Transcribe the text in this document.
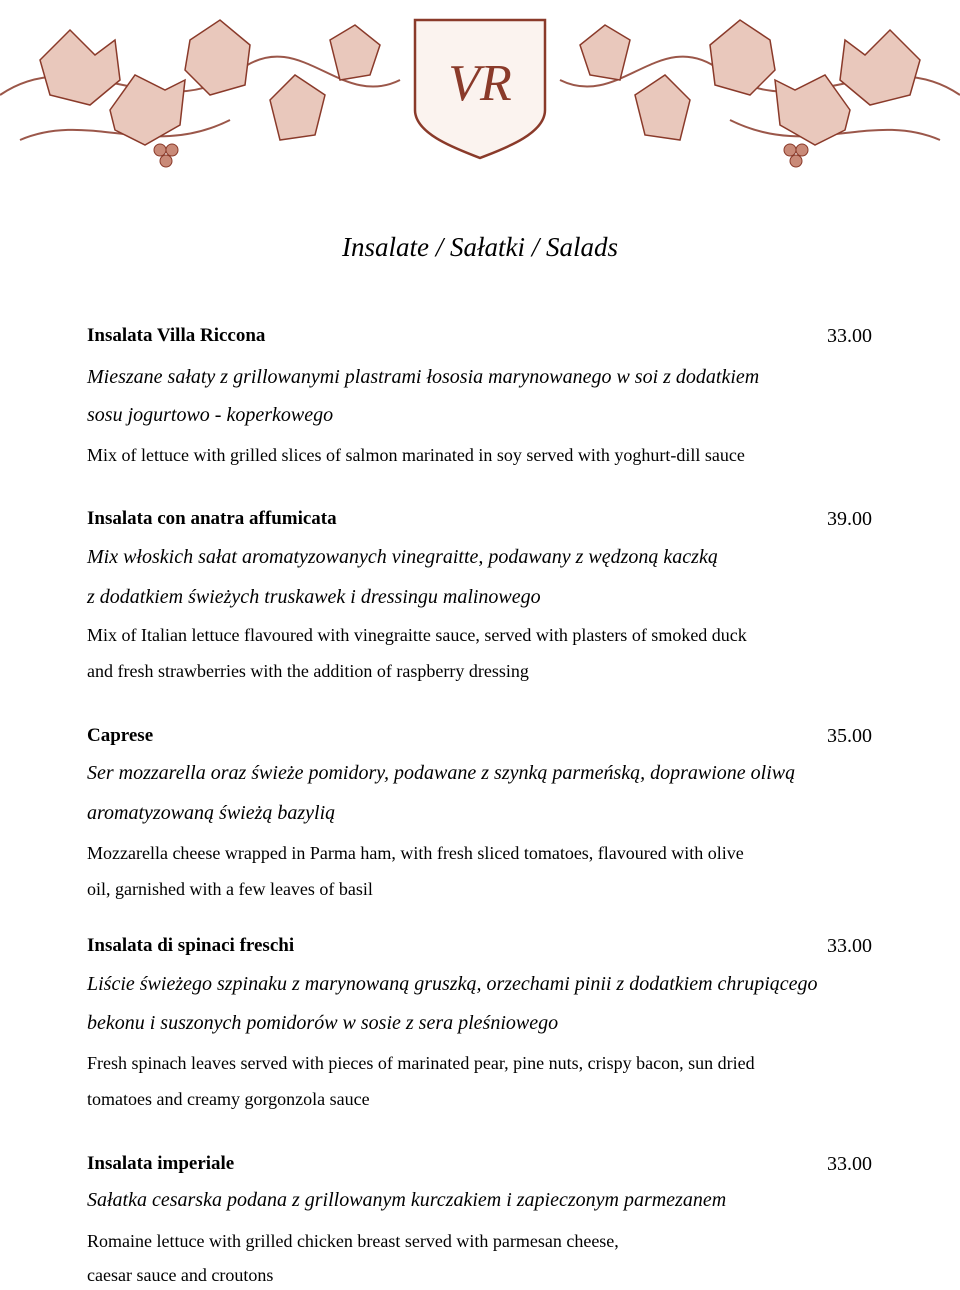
VR
Insalate / Sałatki / Salads
Insalata Villa Riccona	33.00
Mieszane sałaty z grillowanymi plastrami łososia marynowanego w soi z dodatkiem
sosu jogurtowo - koperkowego
Mix of lettuce with grilled slices of salmon marinated in soy served with yoghurt-dill sauce
Insalata con anatra affumicata	39.00
Mix włoskich sałat aromatyzowanych vinegraitte, podawany z wędzoną kaczką
z dodatkiem świeżych truskawek i dressingu malinowego
Mix of Italian lettuce flavoured with vinegraitte sauce, served with plasters of smoked duck
and fresh strawberries with the addition of raspberry dressing
Caprese	35.00
Ser mozzarella oraz świeże pomidory, podawane z szynką parmeńską, doprawione oliwą
aromatyzowaną świeżą bazylią
Mozzarella cheese wrapped in Parma ham, with fresh sliced tomatoes, flavoured with olive
oil, garnished with a few leaves of basil
Insalata di spinaci freschi	33.00
Liście świeżego szpinaku z marynowaną gruszką, orzechami pinii z dodatkiem chrupiącego
bekonu i suszonych pomidorów w sosie z sera pleśniowego
Fresh spinach leaves served with pieces of marinated pear, pine nuts, crispy bacon, sun dried
tomatoes and creamy gorgonzola sauce
Insalata imperiale	33.00
Sałatka cesarska podana z grillowanym kurczakiem i zapieczonym parmezanem
Romaine lettuce with grilled chicken breast served with parmesan cheese,
caesar sauce and croutons
